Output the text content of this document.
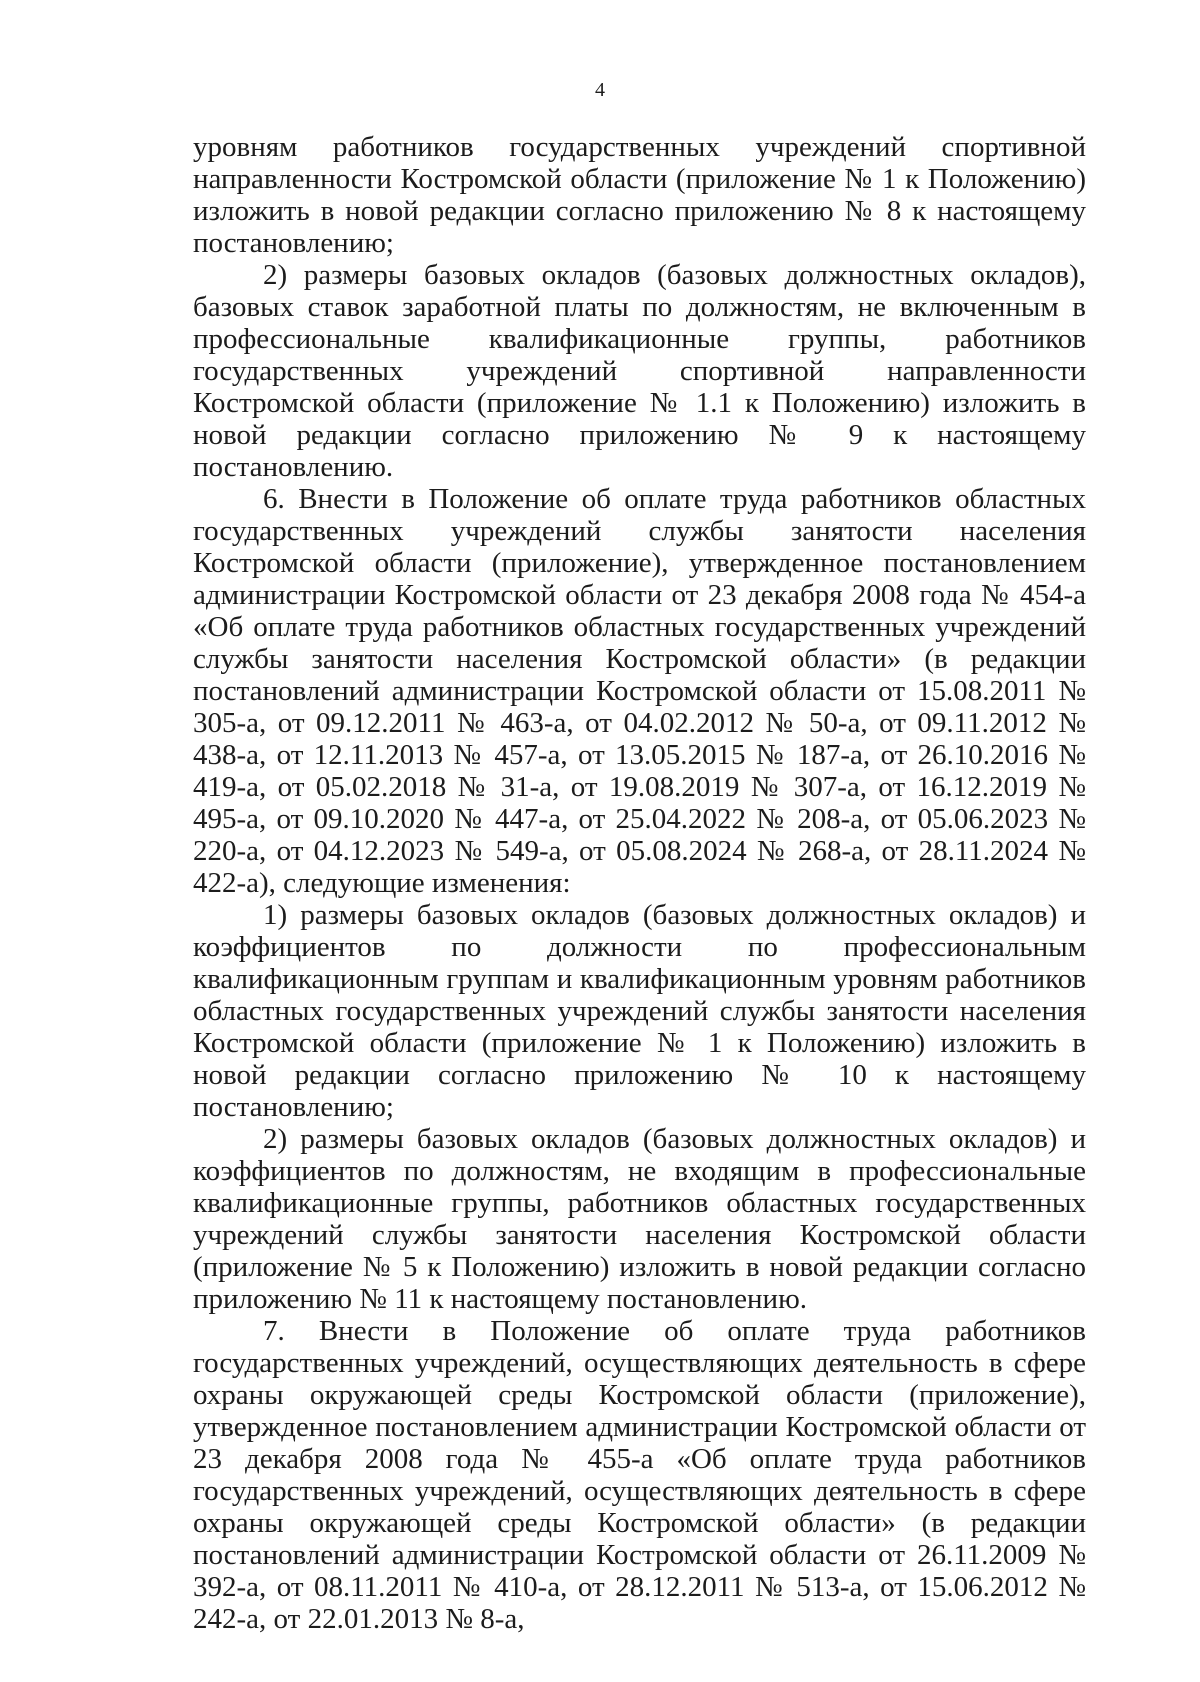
4

уровням работников государственных учреждений спортивной направленности Костромской области (приложение № 1 к Положению) изложить в новой редакции согласно приложению № 8 к настоящему постановлению;

2) размеры базовых окладов (базовых должностных окладов), базовых ставок заработной платы по должностям, не включенным в профессиональные квалификационные группы, работников государственных учреждений спортивной направленности Костромской области (приложение № 1.1 к Положению) изложить в новой редакции согласно приложению № 9 к настоящему постановлению.

6. Внести в Положение об оплате труда работников областных государственных учреждений службы занятости населения Костромской области (приложение), утвержденное постановлением администрации Костромской области от 23 декабря 2008 года № 454-а «Об оплате труда работников областных государственных учреждений службы занятости населения Костромской области» (в редакции постановлений администрации Костромской области от 15.08.2011 № 305-а, от 09.12.2011 № 463-а, от 04.02.2012 № 50-а, от 09.11.2012 № 438-а, от 12.11.2013 № 457-а, от 13.05.2015 № 187-а, от 26.10.2016 № 419-а, от 05.02.2018 № 31-а, от 19.08.2019 № 307-а, от 16.12.2019 № 495-а, от 09.10.2020 № 447-а, от 25.04.2022 № 208-а, от 05.06.2023 № 220-а, от 04.12.2023 № 549-а, от 05.08.2024 № 268-а, от 28.11.2024 № 422-а), следующие изменения:

1) размеры базовых окладов (базовых должностных окладов) и коэффициентов по должности по профессиональным квалификационным группам и квалификационным уровням работников областных государственных учреждений службы занятости населения Костромской области (приложение № 1 к Положению) изложить в новой редакции согласно приложению № 10 к настоящему постановлению;

2) размеры базовых окладов (базовых должностных окладов) и коэффициентов по должностям, не входящим в профессиональные квалификационные группы, работников областных государственных учреждений службы занятости населения Костромской области (приложение № 5 к Положению) изложить в новой редакции согласно приложению № 11 к настоящему постановлению.

7. Внести в Положение об оплате труда работников государственных учреждений, осуществляющих деятельность в сфере охраны окружающей среды Костромской области (приложение), утвержденное постановлением администрации Костромской области от 23 декабря 2008 года № 455-а «Об оплате труда работников государственных учреждений, осуществляющих деятельность в сфере охраны окружающей среды Костромской области» (в редакции постановлений администрации Костромской области от 26.11.2009 № 392-а, от 08.11.2011 № 410-а, от 28.12.2011 № 513-а, от 15.06.2012 № 242-а, от 22.01.2013 № 8-а,
